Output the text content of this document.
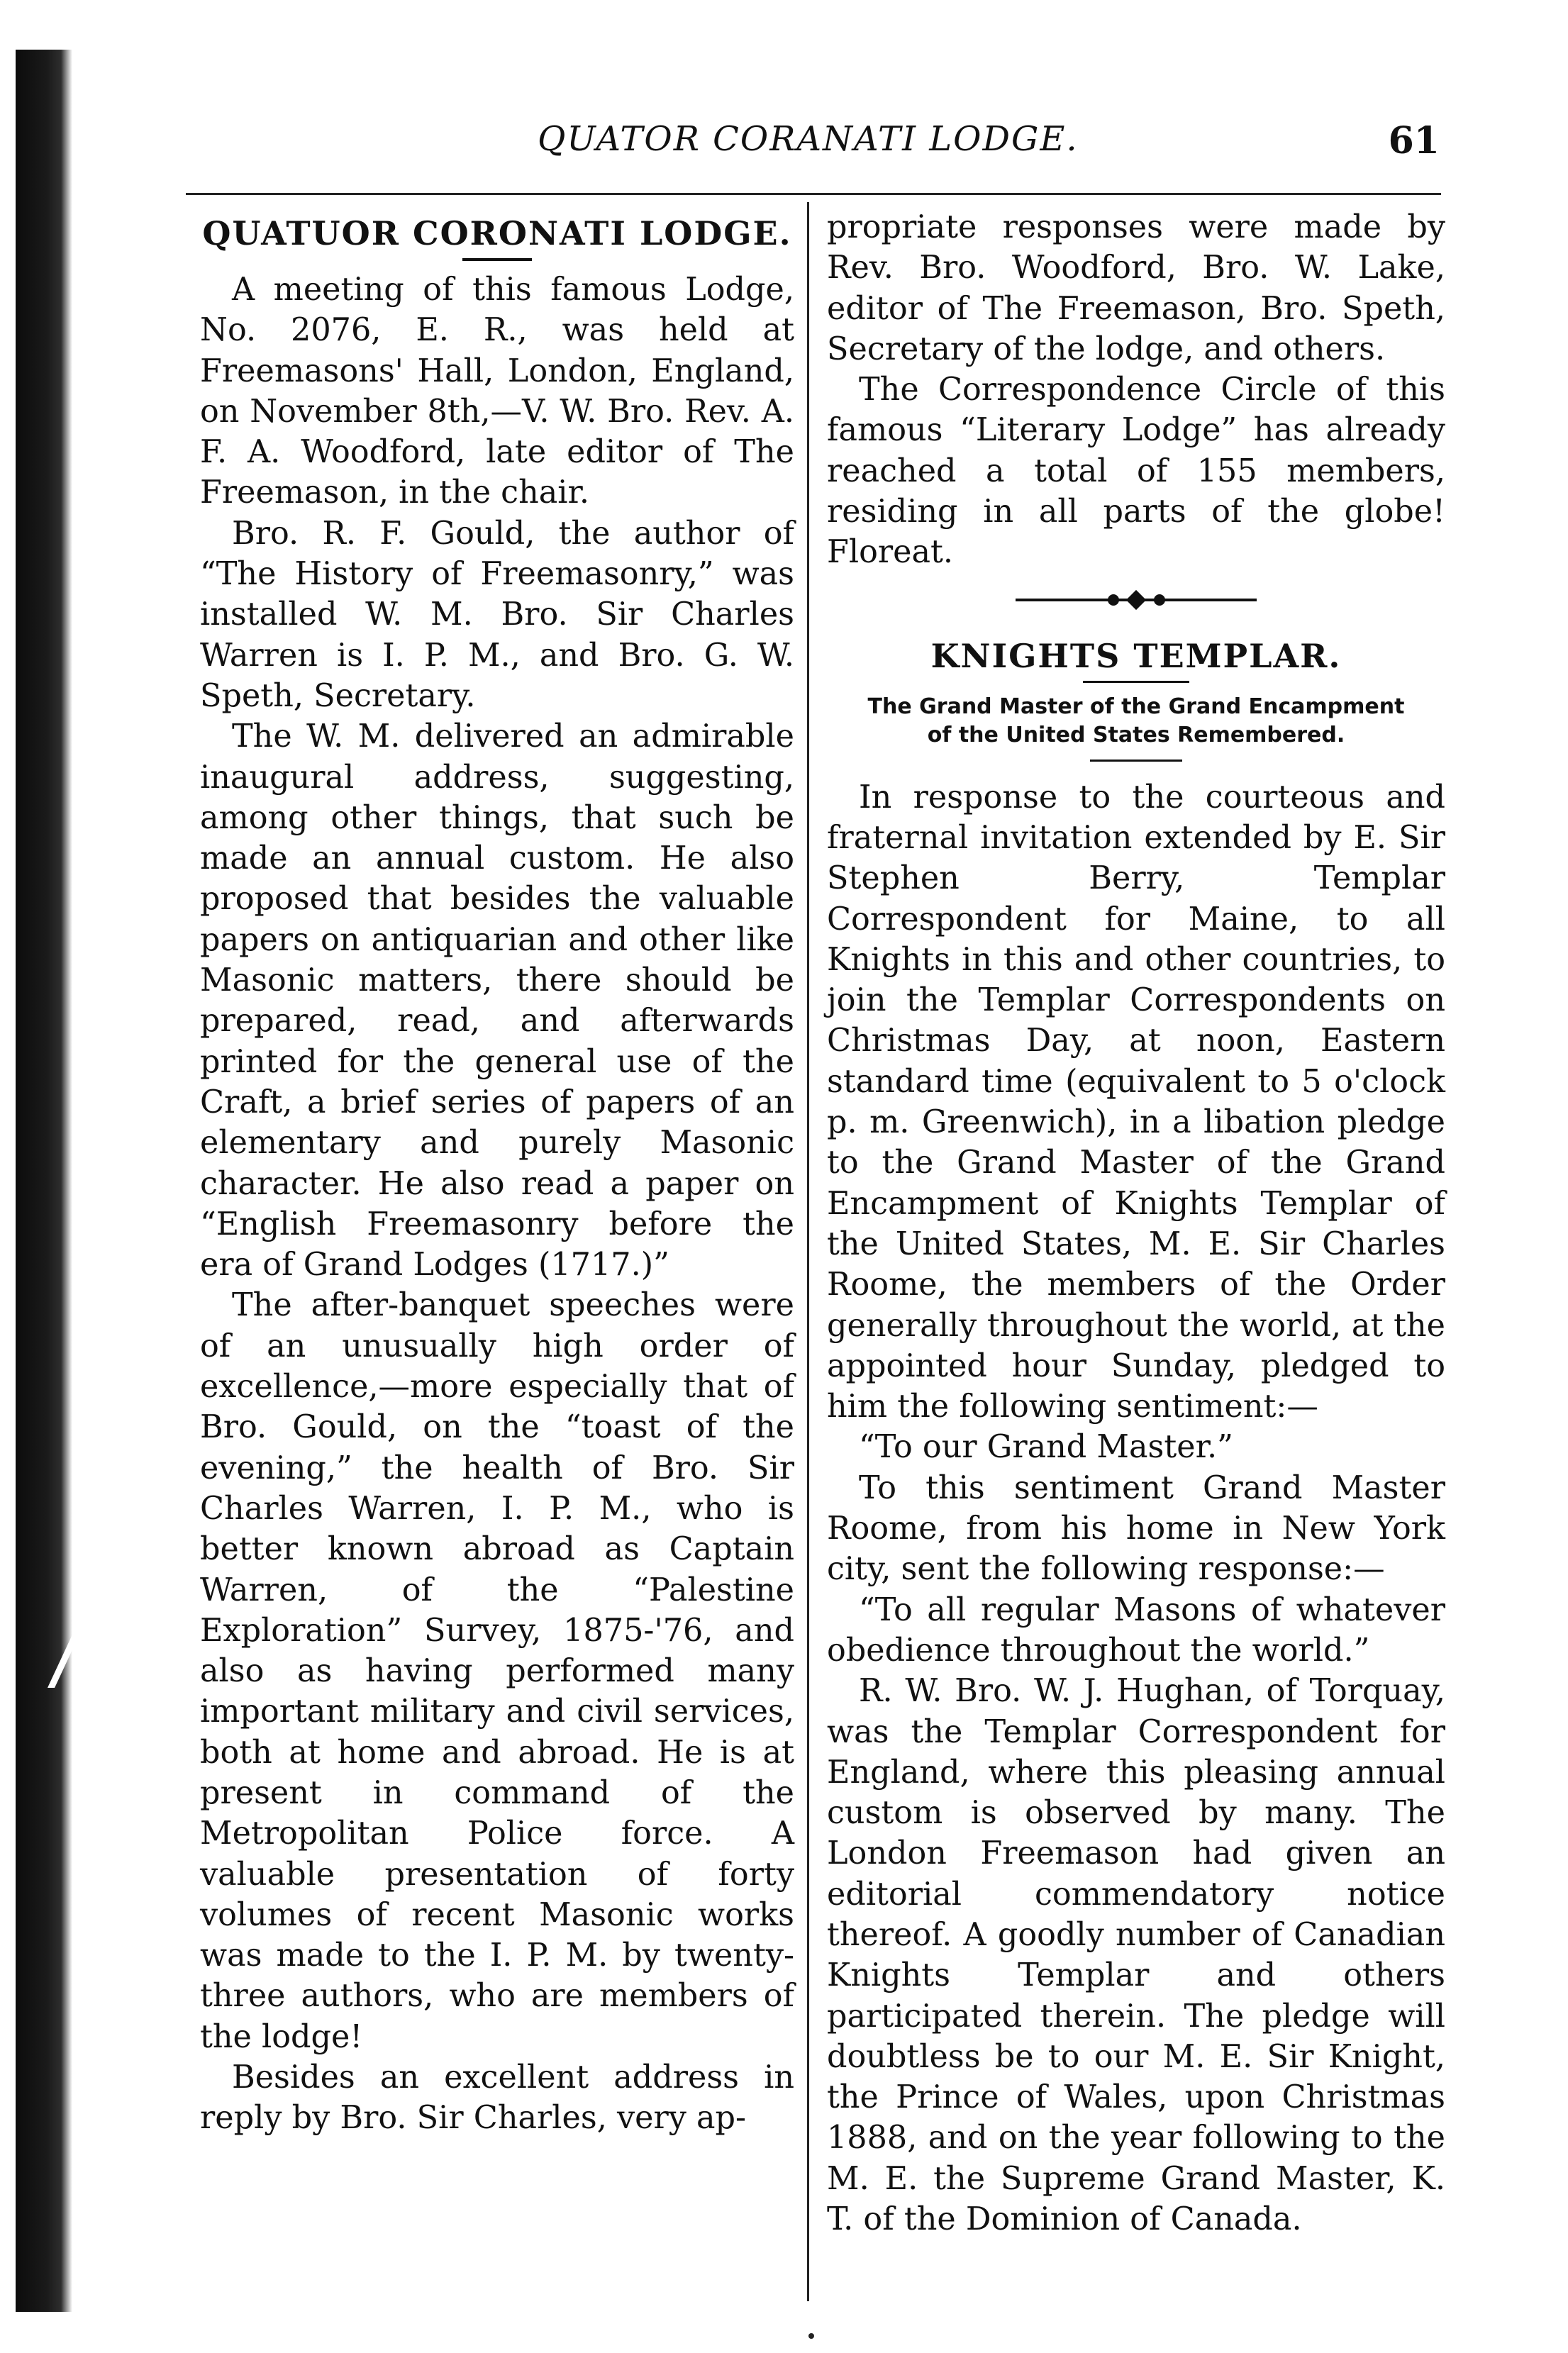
QUATOR CORANATI LODGE.	61
QUATUOR CORONATI LODGE.

A meeting of this famous Lodge, No. 2076, E. R., was held at Freemasons' Hall, London, England, on November 8th,—V. W. Bro. Rev. A. F. A. Woodford, late editor of The Freemason, in the chair.

Bro. R. F. Gould, the author of “The History of Freemasonry,” was installed W. M. Bro. Sir Charles Warren is I. P. M., and Bro. G. W. Speth, Secretary.

The W. M. delivered an admirable inaugural address, suggesting, among other things, that such be made an annual custom. He also proposed that besides the valuable papers on antiquarian and other like Masonic matters, there should be prepared, read, and afterwards printed for the general use of the Craft, a brief series of papers of an elementary and purely Masonic character. He also read a paper on “English Freemasonry before the era of Grand Lodges (1717.)”

The after-banquet speeches were of an unusually high order of excellence,—more especially that of Bro. Gould, on the “toast of the evening,” the health of Bro. Sir Charles Warren, I. P. M., who is better known abroad as Captain Warren, of the “Palestine Exploration” Survey, 1875-'76, and also as having performed many important military and civil services, both at home and abroad. He is at present in command of the Metropolitan Police force. A valuable presentation of forty volumes of recent Masonic works was made to the I. P. M. by twenty-three authors, who are members of the lodge!

Besides an excellent address in reply by Bro. Sir Charles, very ap-

propriate responses were made by Rev. Bro. Woodford, Bro. W. Lake, editor of The Freemason, Bro. Speth, Secretary of the lodge, and others.

The Correspondence Circle of this famous “Literary Lodge” has already reached a total of 155 members, residing in all parts of the globe! Floreat.

KNIGHTS TEMPLAR.
The Grand Master of the Grand Encampment of the United States Remembered.

In response to the courteous and fraternal invitation extended by E. Sir Stephen Berry, Templar Correspondent for Maine, to all Knights in this and other countries, to join the Templar Correspondents on Christmas Day, at noon, Eastern standard time (equivalent to 5 o'clock p. m. Greenwich), in a libation pledge to the Grand Master of the Grand Encampment of Knights Templar of the United States, M. E. Sir Charles Roome, the members of the Order generally throughout the world, at the appointed hour Sunday, pledged to him the following sentiment:—

“To our Grand Master.”

To this sentiment Grand Master Roome, from his home in New York city, sent the following response:—

“To all regular Masons of whatever obedience throughout the world.”

R. W. Bro. W. J. Hughan, of Torquay, was the Templar Correspondent for England, where this pleasing annual custom is observed by many. The London Freemason had given an editorial commendatory notice thereof. A goodly number of Canadian Knights Templar and others participated therein. The pledge will doubtless be to our M. E. Sir Knight, the Prince of Wales, upon Christmas 1888, and on the year following to the M. E. the Supreme Grand Master, K. T. of the Dominion of Canada.
